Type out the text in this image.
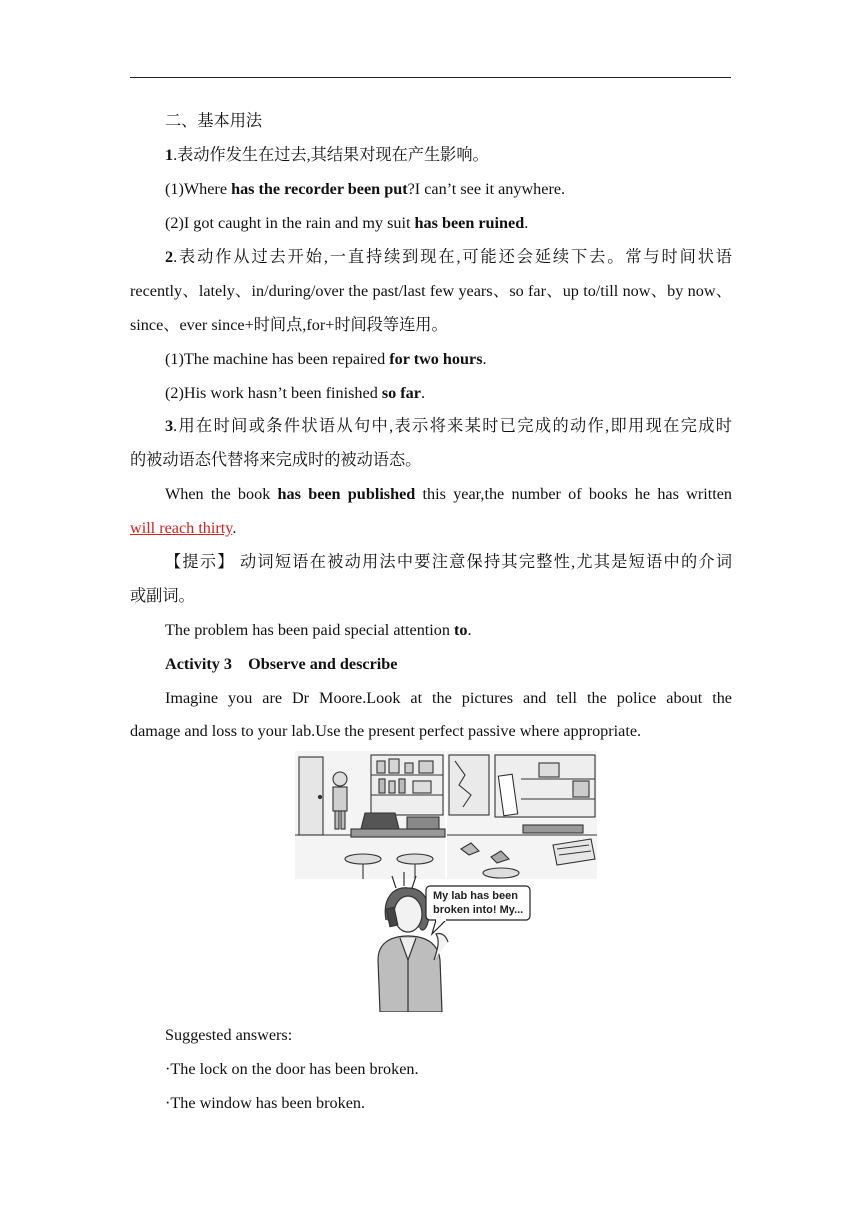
二、基本用法
1.表动作发生在过去,其结果对现在产生影响。
(1)Where has the recorder been put?I can’t see it anywhere.
(2)I got caught in the rain and my suit has been ruined.
2.表动作从过去开始,一直持续到现在,可能还会延续下去。常与时间状语
recently、lately、in/during/over the past/last few years、so far、up to/till now、by now、
since、ever since+时间点,for+时间段等连用。
(1)The machine has been repaired for two hours.
(2)His work hasn’t been finished so far.
3.用在时间或条件状语从句中,表示将来某时已完成的动作,即用现在完成时
的被动语态代替将来完成时的被动语态。
When the book has been published this year,the number of books he has written
will reach thirty.
【提示】 动词短语在被动用法中要注意保持其完整性,尤其是短语中的介词
或副词。
The problem has been paid special attention to.
Activity 3　Observe and describe
Imagine you are Dr Moore.Look at the pictures and tell the police about the
damage and loss to your lab.Use the present perfect passive where appropriate.
My lab has been
broken into! My...
Suggested answers:
·The lock on the door has been broken.
·The window has been broken.
